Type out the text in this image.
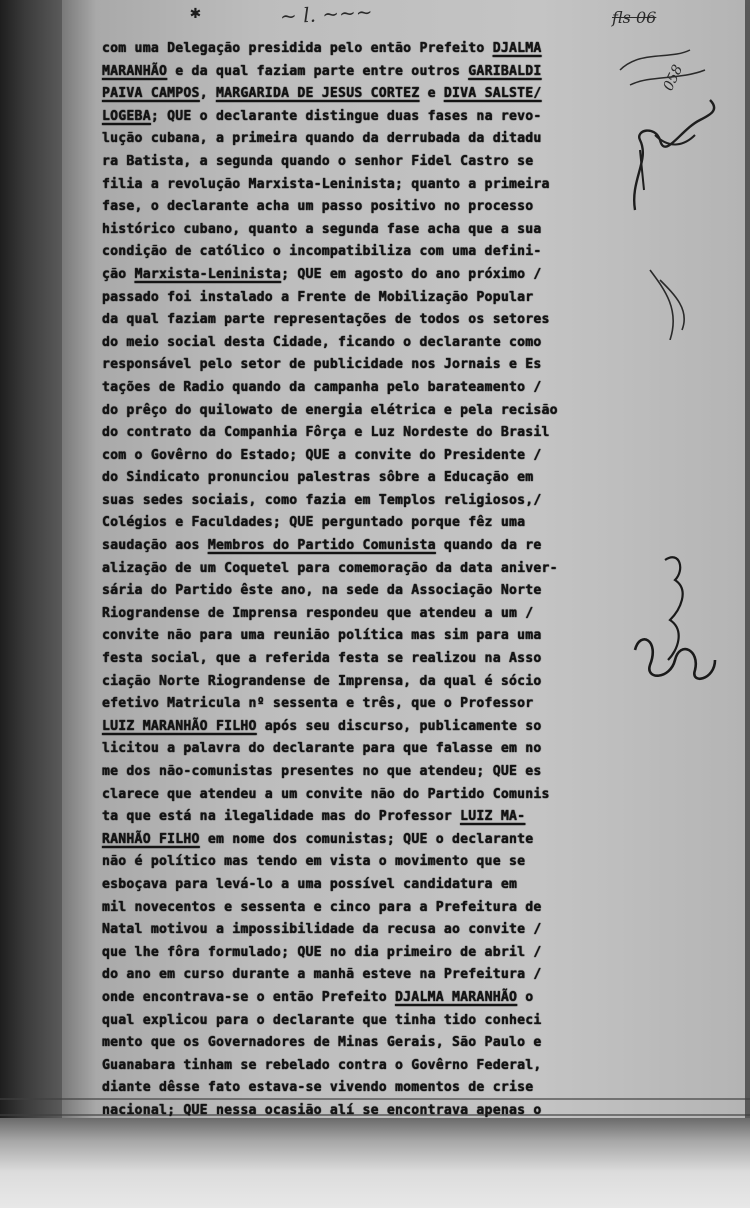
✱	~ l. ~~~	fls 06
058
com uma Delegação presidida pelo então Prefeito DJALMA
MARANHÃO e da qual faziam parte entre outros GARIBALDI
PAIVA CAMPOS, MARGARIDA DE JESUS CORTEZ e DIVA SALSTE/
LOGEBA; QUE o declarante distingue duas fases na revo-
lução cubana, a primeira quando da derrubada da ditadu
ra Batista, a segunda quando o senhor Fidel Castro se
filia a revolução Marxista-Leninista; quanto a primeira
fase, o declarante acha um passo positivo no processo
histórico cubano, quanto a segunda fase acha que a sua
condição de católico o incompatibiliza com uma defini-
ção Marxista-Leninista; QUE em agosto do ano próximo /
passado foi instalado a Frente de Mobilização Popular
da qual faziam parte representações de todos os setores
do meio social desta Cidade, ficando o declarante como
responsável pelo setor de publicidade nos Jornais e Es
tações de Radio quando da campanha pelo barateamento /
do prêço do quilowato de energia elétrica e pela recisão
do contrato da Companhia Fôrça e Luz Nordeste do Brasil
com o Govêrno do Estado; QUE a convite do Presidente /
do Sindicato pronunciou palestras sôbre a Educação em
suas sedes sociais, como fazia em Templos religiosos,/
Colégios e Faculdades; QUE perguntado porque fêz uma
saudação aos Membros do Partido Comunista quando da re
alização de um Coquetel para comemoração da data aniver-
sária do Partido êste ano, na sede da Associação Norte
Riograndense de Imprensa respondeu que atendeu a um /
convite não para uma reunião política mas sim para uma
festa social, que a referida festa se realizou na Asso
ciação Norte Riograndense de Imprensa, da qual é sócio
efetivo Matricula nº sessenta e três, que o Professor
LUIZ MARANHÃO FILHO após seu discurso, publicamente so
licitou a palavra do declarante para que falasse em no
me dos não-comunistas presentes no que atendeu; QUE es
clarece que atendeu a um convite não do Partido Comunis
ta que está na ilegalidade mas do Professor LUIZ MA-
RANHÃO FILHO em nome dos comunistas; QUE o declarante
não é político mas tendo em vista o movimento que se
esboçava para levá-lo a uma possível candidatura em
mil novecentos e sessenta e cinco para a Prefeitura de
Natal motivou a impossibilidade da recusa ao convite /
que lhe fôra formulado; QUE no dia primeiro de abril /
do ano em curso durante a manhã esteve na Prefeitura /
onde encontrava-se o então Prefeito DJALMA MARANHÃO o
qual explicou para o declarante que tinha tido conheci
mento que os Governadores de Minas Gerais, São Paulo e
Guanabara tinham se rebelado contra o Govêrno Federal,
diante dêsse fato estava-se vivendo momentos de crise
nacional; QUE nessa ocasião alí se encontrava apenas o
